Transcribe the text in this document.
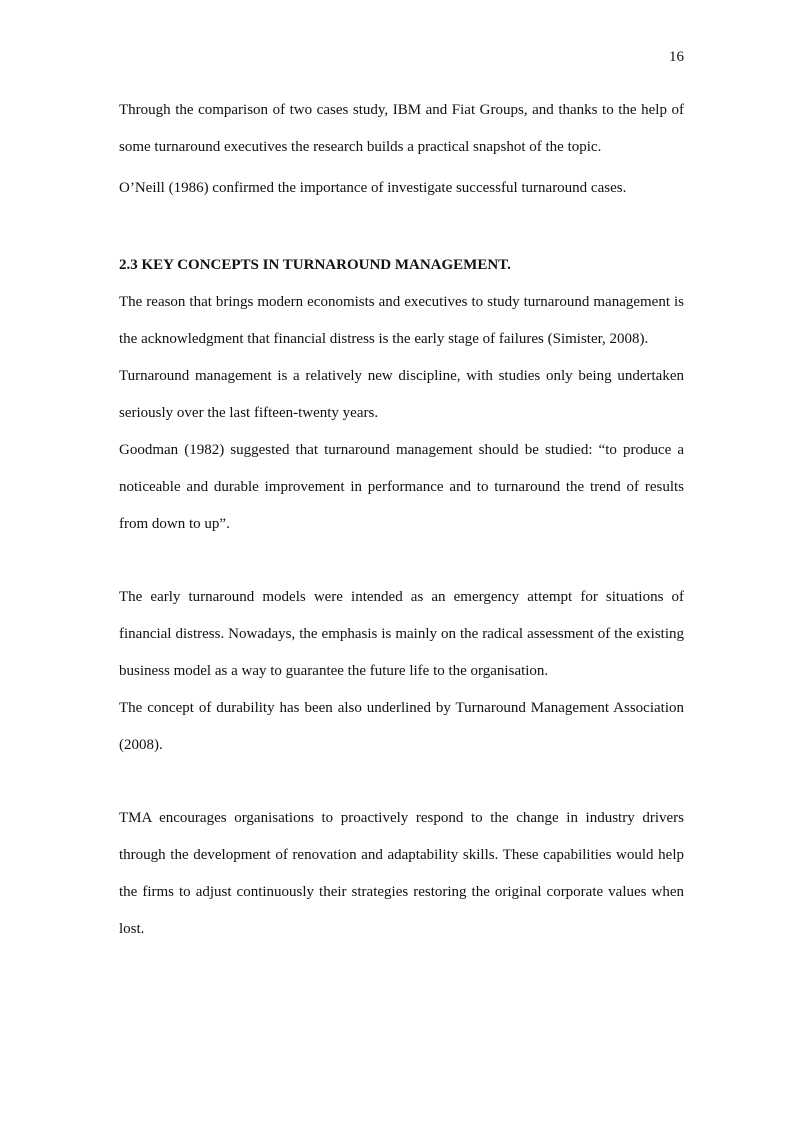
16

Through the comparison of two cases study, IBM and Fiat Groups, and thanks to the help of some turnaround executives the research builds a practical snapshot of the topic.

O’Neill (1986) confirmed the importance of investigate successful turnaround cases.

2.3 KEY CONCEPTS IN TURNAROUND MANAGEMENT.

The reason that brings modern economists and executives to study turnaround management is the acknowledgment that financial distress is the early stage of failures (Simister, 2008).

Turnaround management is a relatively new discipline, with studies only being undertaken seriously over the last fifteen-twenty years.

Goodman (1982) suggested that turnaround management should be studied: “to produce a noticeable and durable improvement in performance and to turnaround the trend of results from down to up”.

The early turnaround models were intended as an emergency attempt for situations of financial distress. Nowadays, the emphasis is mainly on the radical assessment of the existing business model as a way to guarantee the future life to the organisation.

The concept of durability has been also underlined by Turnaround Management Association (2008).

TMA encourages organisations to proactively respond to the change in industry drivers through the development of renovation and adaptability skills. These capabilities would help the firms to adjust continuously their strategies restoring the original corporate values when lost.
